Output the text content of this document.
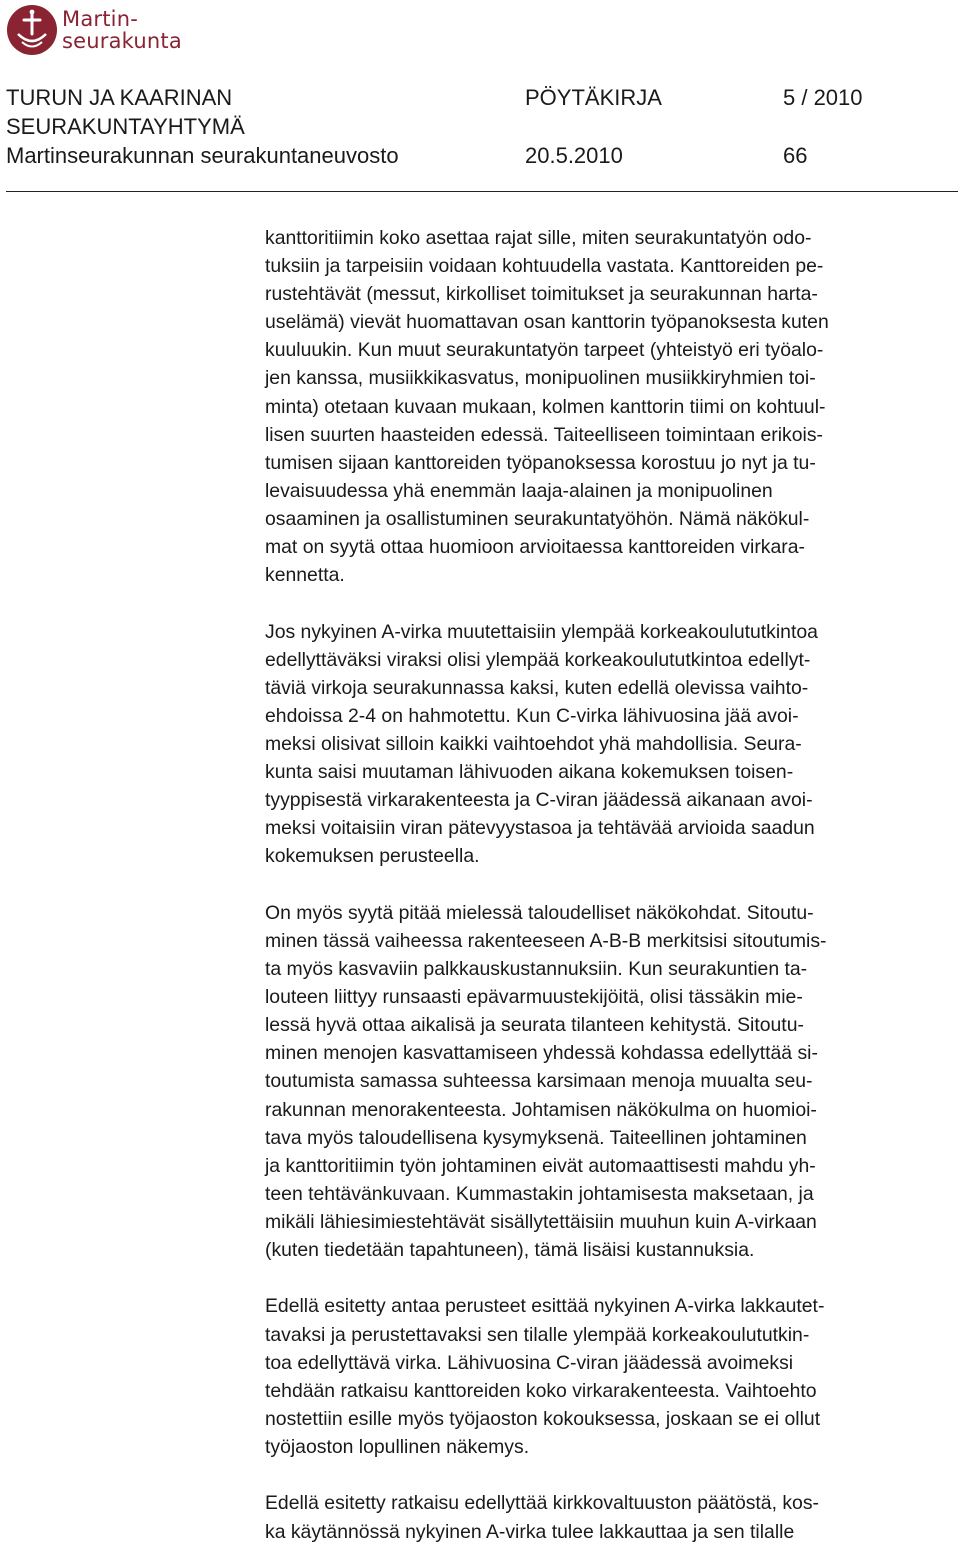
Martin-
seurakunta
TURUN JA KAARINAN
SEURAKUNTAYHTYMÄ
Martinseurakunnan seurakuntaneuvosto
PÖYTÄKIRJA	5 / 2010
20.5.2010	66
kanttoritiimin koko asettaa rajat sille, miten seurakuntatyön odo-
tuksiin ja tarpeisiin voidaan kohtuudella vastata. Kanttoreiden pe-
rustehtävät (messut, kirkolliset toimitukset ja seurakunnan harta-
uselämä) vievät huomattavan osan kanttorin työpanoksesta kuten
kuuluukin. Kun muut seurakuntatyön tarpeet (yhteistyö eri työalo-
jen kanssa, musiikkikasvatus, monipuolinen musiikkiryhmien toi-
minta) otetaan kuvaan mukaan, kolmen kanttorin tiimi on kohtuul-
lisen suurten haasteiden edessä. Taiteelliseen toimintaan erikois-
tumisen sijaan kanttoreiden työpanoksessa korostuu jo nyt ja tu-
levaisuudessa yhä enemmän laaja-alainen ja monipuolinen
osaaminen ja osallistuminen seurakuntatyöhön. Nämä näkökul-
mat on syytä ottaa huomioon arvioitaessa kanttoreiden virkara-
kennetta.
Jos nykyinen A-virka muutettaisiin ylempää korkeakoulututkintoa
edellyttäväksi viraksi olisi ylempää korkeakoulututkintoa edellyt-
täviä virkoja seurakunnassa kaksi, kuten edellä olevissa vaihto-
ehdoissa 2-4 on hahmotettu. Kun C-virka lähivuosina jää avoi-
meksi olisivat silloin kaikki vaihtoehdot yhä mahdollisia. Seura-
kunta saisi muutaman lähivuoden aikana kokemuksen toisen-
tyyppisestä virkarakenteesta ja C-viran jäädessä aikanaan avoi-
meksi voitaisiin viran pätevyystasoa ja tehtävää arvioida saadun
kokemuksen perusteella.
On myös syytä pitää mielessä taloudelliset näkökohdat. Sitoutu-
minen tässä vaiheessa rakenteeseen A-B-B merkitsisi sitoutumis-
ta myös kasvaviin palkkauskustannuksiin. Kun seurakuntien ta-
louteen liittyy runsaasti epävarmuustekijöitä, olisi tässäkin mie-
lessä hyvä ottaa aikalisä ja seurata tilanteen kehitystä. Sitoutu-
minen menojen kasvattamiseen yhdessä kohdassa edellyttää si-
toutumista samassa suhteessa karsimaan menoja muualta seu-
rakunnan menorakenteesta. Johtamisen näkökulma on huomioi-
tava myös taloudellisena kysymyksenä. Taiteellinen johtaminen
ja kanttoritiimin työn johtaminen eivät automaattisesti mahdu yh-
teen tehtävänkuvaan. Kummastakin johtamisesta maksetaan, ja
mikäli lähiesimiestehtävät sisällytettäisiin muuhun kuin A-virkaan
(kuten tiedetään tapahtuneen), tämä lisäisi kustannuksia.
Edellä esitetty antaa perusteet esittää nykyinen A-virka lakkautet-
tavaksi ja perustettavaksi sen tilalle ylempää korkeakoulututkin-
toa edellyttävä virka. Lähivuosina C-viran jäädessä avoimeksi
tehdään ratkaisu kanttoreiden koko virkarakenteesta. Vaihtoehto
nostettiin esille myös työjaoston kokouksessa, joskaan se ei ollut
työjaoston lopullinen näkemys.
Edellä esitetty ratkaisu edellyttää kirkkovaltuuston päätöstä, kos-
ka käytännössä nykyinen A-virka tulee lakkauttaa ja sen tilalle
